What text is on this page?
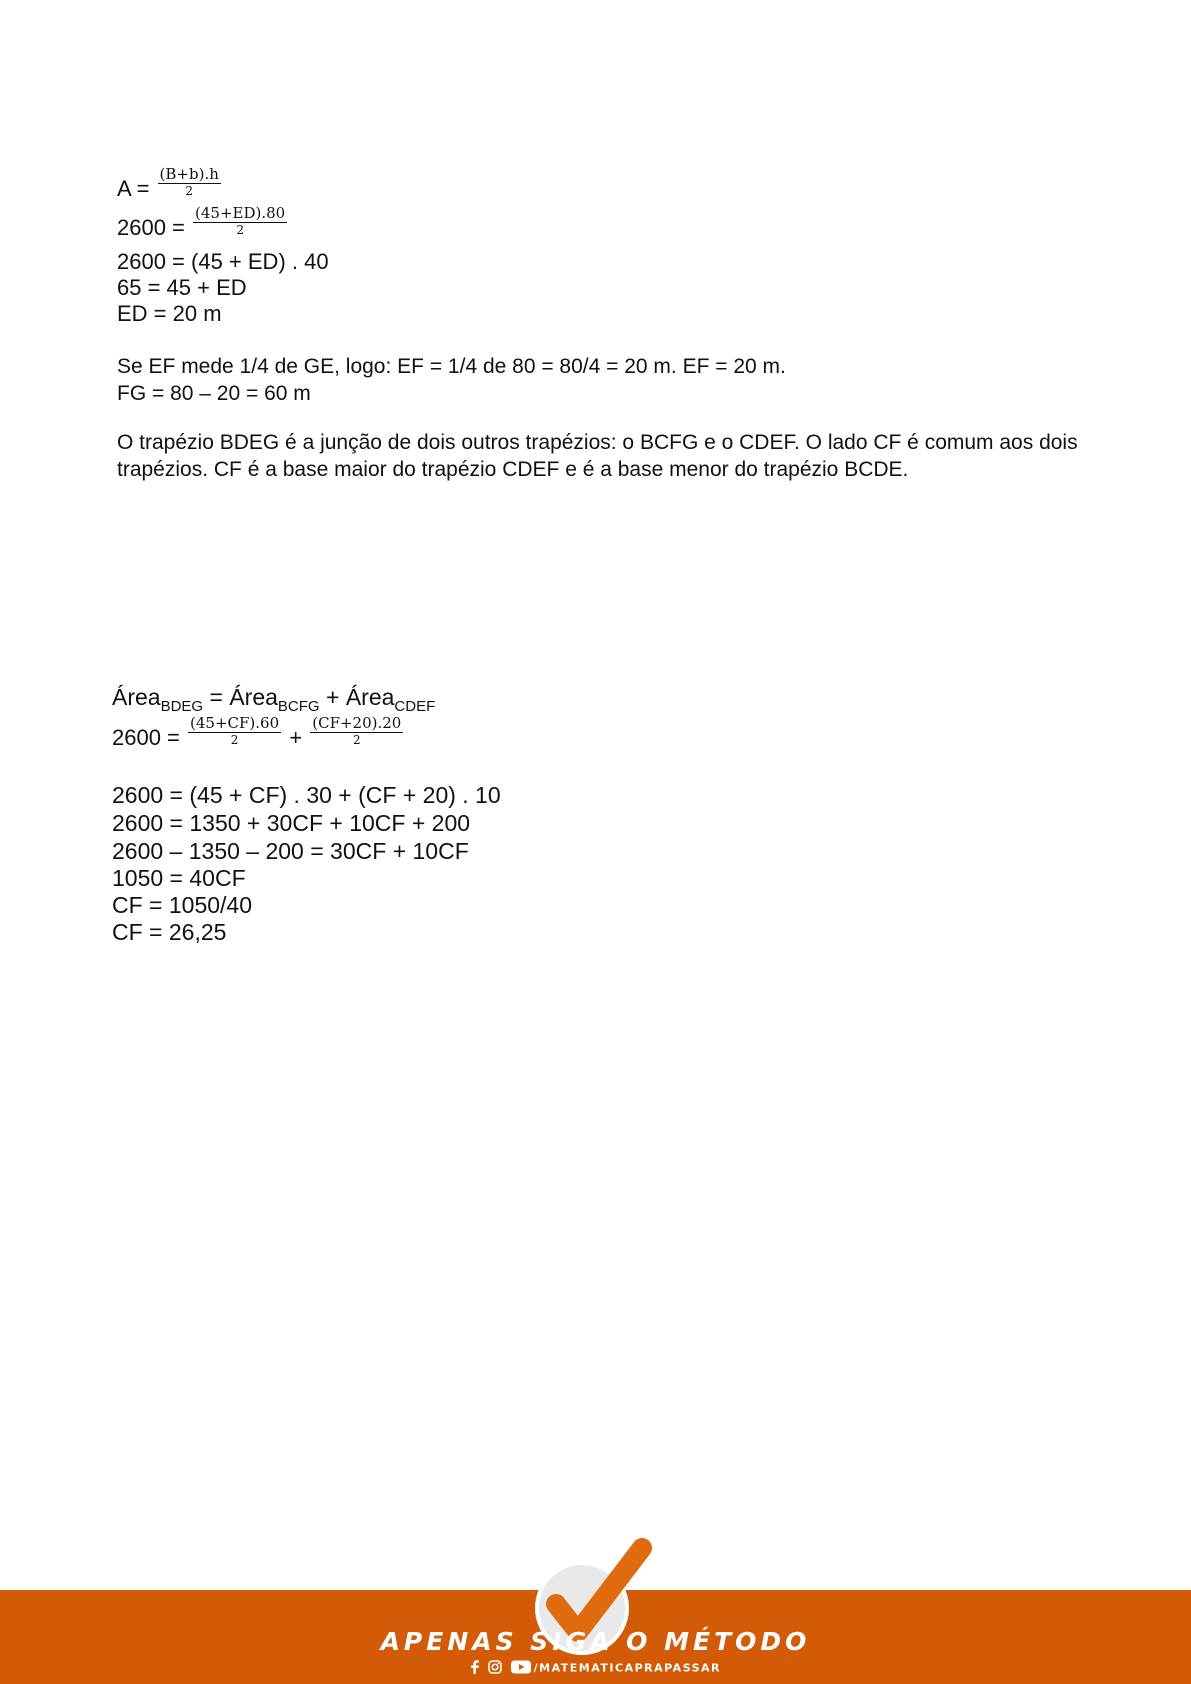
$A = \frac{(B+b).h}{2}$
$2600 = \frac{(45+ED).80}{2}$
2600 = (45 + ED) . 40
65 = 45 + ED
ED = 20 m
Se EF mede 1/4 de GE, logo: EF = 1/4 de 80 = 80/4 = 20 m. EF = 20 m.
FG = 80 – 20 = 60 m
O trapézio BDEG é a junção de dois outros trapézios: o BCFG e o CDEF. O lado CF é comum aos dois trapézios. CF é a base maior do trapézio CDEF e é a base menor do trapézio BCDE.
Área$_{BDEG}$ = Área$_{BCFG}$ + Área$_{CDEF}$
$2600 = \frac{(45+CF).60}{2} + \frac{(CF+20).20}{2}$
2600 = (45 + CF) . 30 + (CF + 20) . 10
2600 = 1350 + 30CF + 10CF + 200
2600 – 1350 – 200 = 30CF + 10CF
1050 = 40CF
CF = 1050/40
CF = 26,25
APENAS SIGA O MÉTODO
/MATEMATICAPRAPASSAR
